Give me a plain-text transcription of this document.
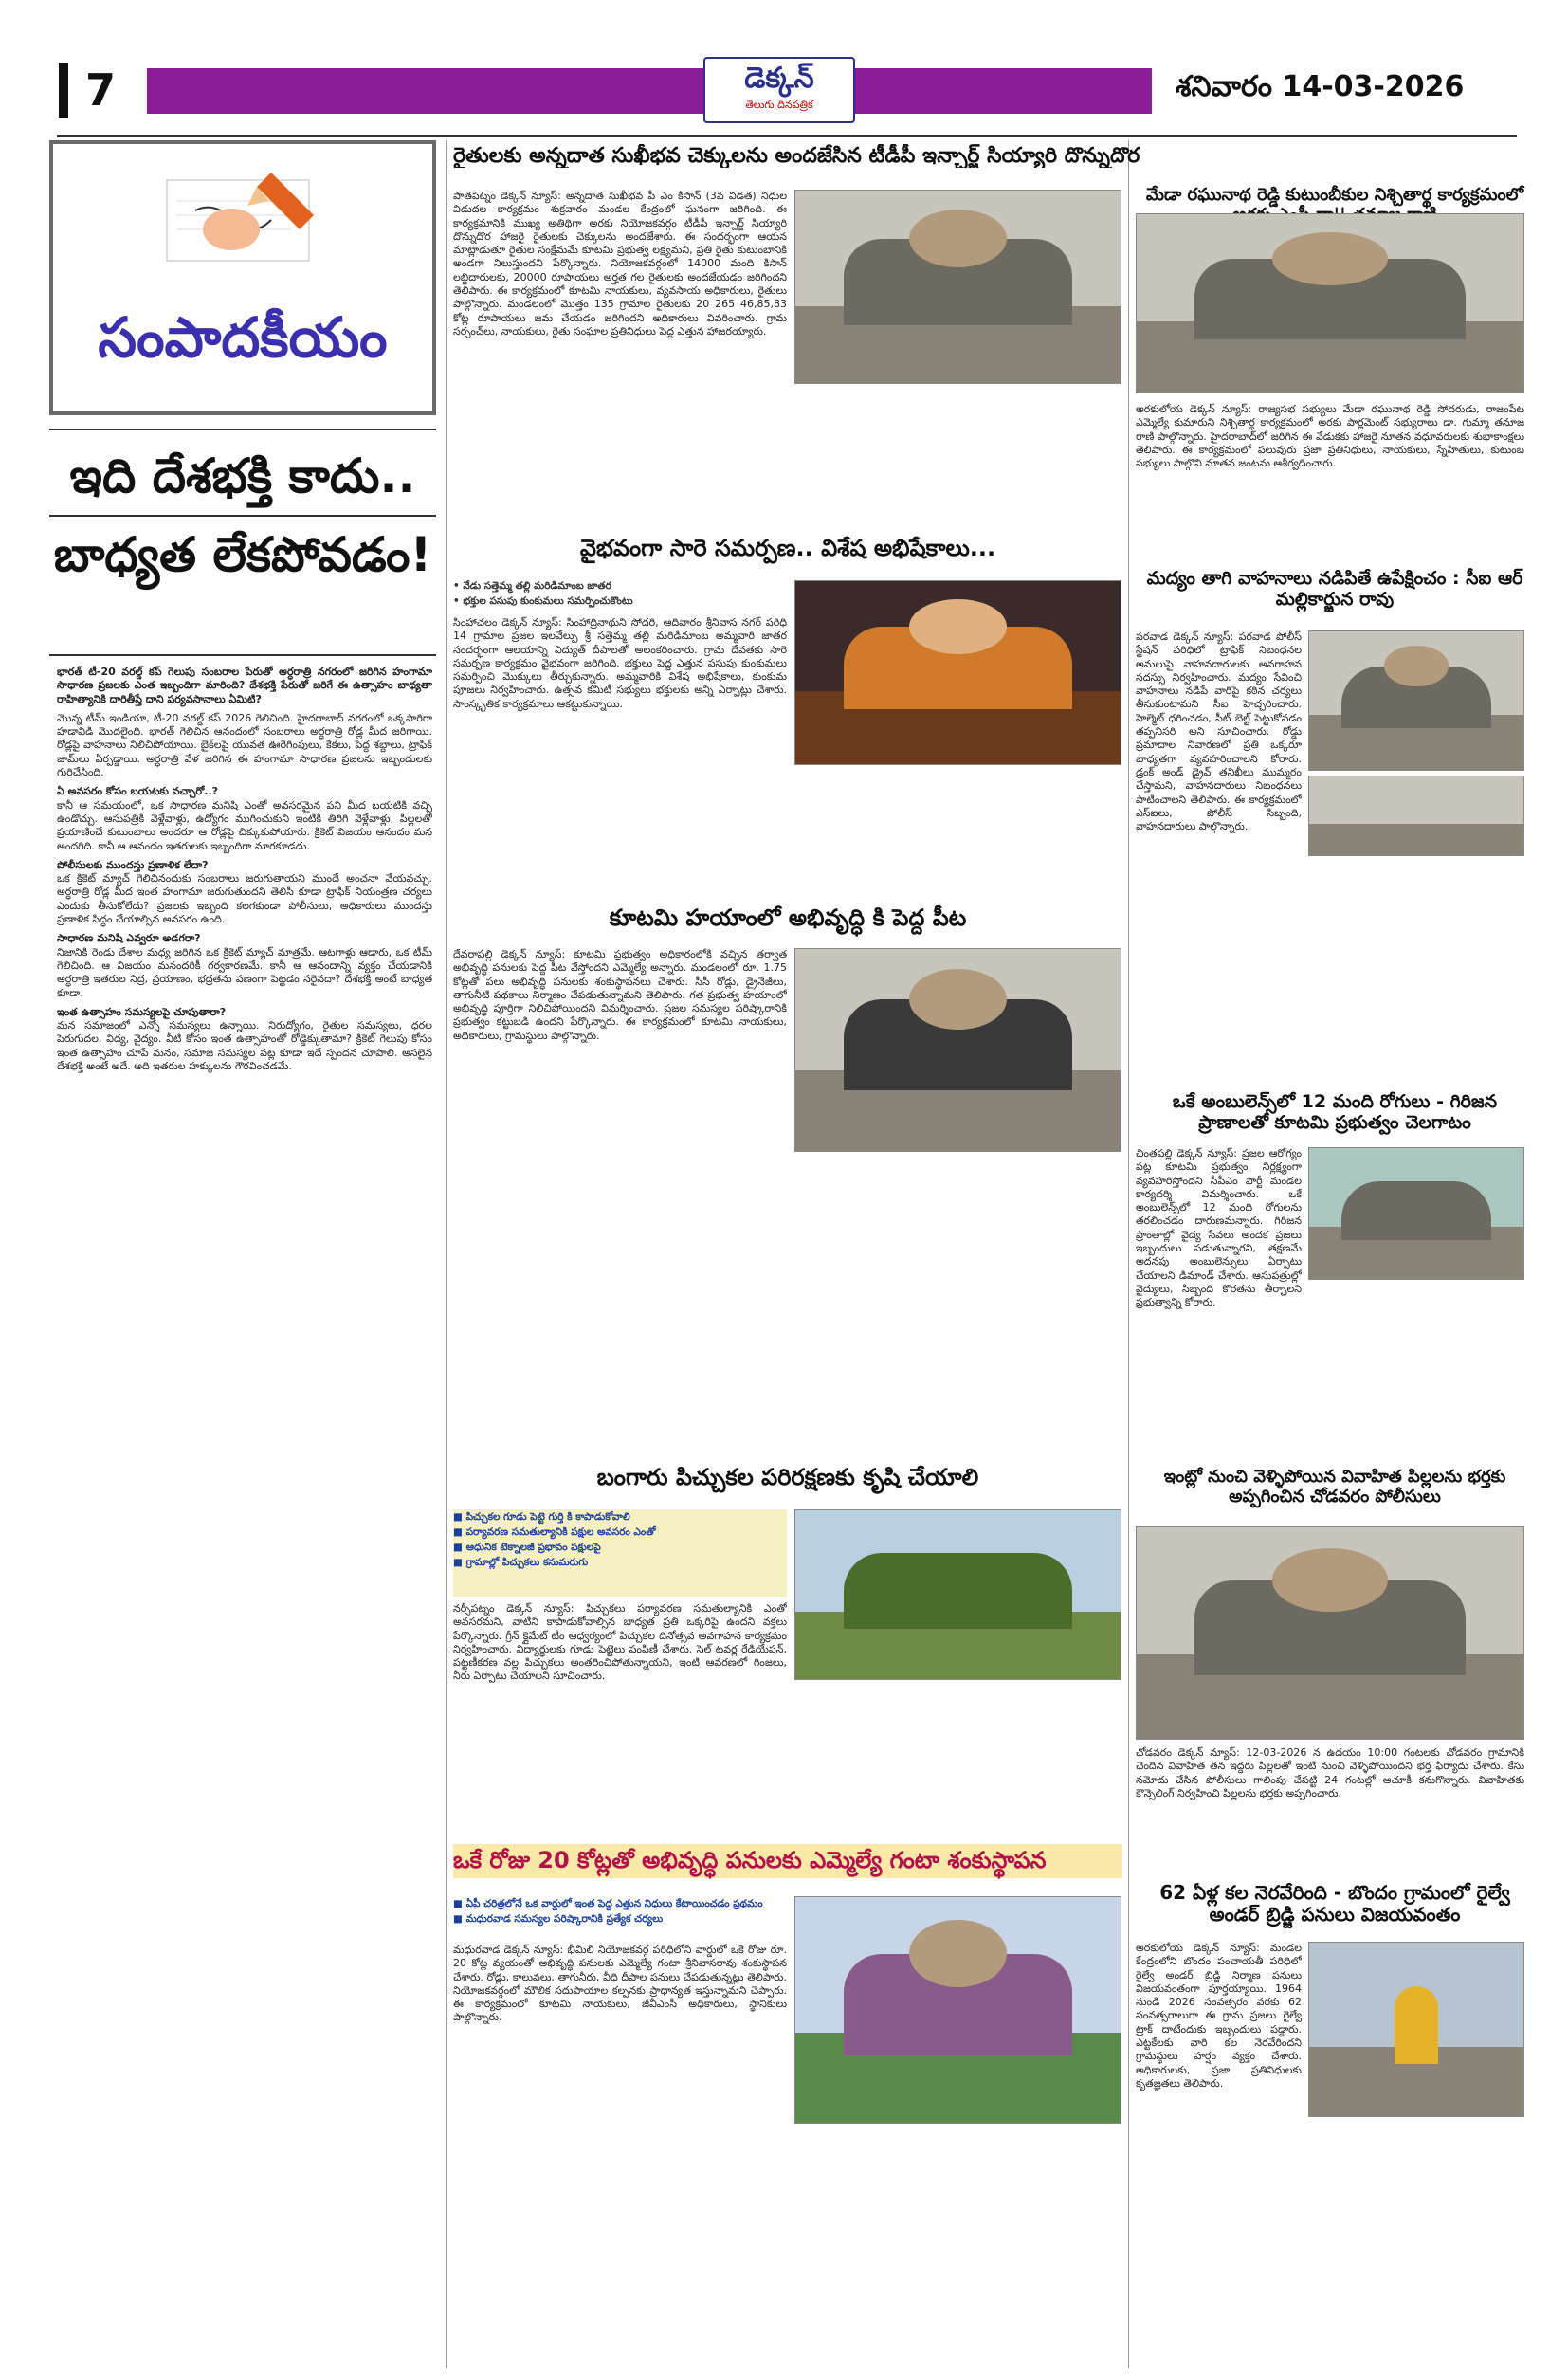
7	డెక్కన్
తెలుగు దినపత్రిక
శనివారం 14-03-2026
సంపాదకీయం
ఇది దేశభక్తి కాదు..
బాధ్యత లేకపోవడం!

భారత్ టీ-20 వరల్డ్ కప్ గెలుపు సంబరాల పేరుతో అర్ధరాత్రి నగరంలో జరిగిన హంగామా సాధారణ ప్రజలకు ఎంత ఇబ్బందిగా మారింది? దేశభక్తి పేరుతో జరిగే ఈ ఉత్సాహం బాధ్యతా రాహిత్యానికి దారితీస్తే దాని పర్యవసానాలు ఏమిటి?

మొన్న టీమ్ ఇండియా, టీ-20 వరల్డ్ కప్ 2026 గెలిచింది. హైదరాబాద్ నగరంలో ఒక్కసారిగా హడావిడి మొదలైంది. భారత్ గెలిచిన ఆనందంలో సంబరాలు అర్ధరాత్రి రోడ్ల మీద జరిగాయి. రోడ్లపై వాహనాలు నిలిచిపోయాయి. బైక్‌లపై యువత ఊరేగింపులు, కేకలు, పెద్ద శబ్దాలు, ట్రాఫిక్ జామ్‌లు ఏర్పడ్డాయి. అర్ధరాత్రి వేళ జరిగిన ఈ హంగామా సాధారణ ప్రజలను ఇబ్బందులకు గురిచేసింది.

ఏ అవసరం కోసం బయటకు వచ్చారో..?

కానీ ఆ సమయంలో, ఒక సాధారణ మనిషి ఎంతో అవసరమైన పని మీద బయటికి వచ్చి ఉండొచ్చు. ఆసుపత్రికి వెళ్లేవాళ్లు, ఉద్యోగం ముగించుకుని ఇంటికి తిరిగి వెళ్లేవాళ్లు, పిల్లలతో ప్రయాణించే కుటుంబాలు అందరూ ఆ రోడ్లపై చిక్కుకుపోయారు. క్రికెట్ విజయం ఆనందం మన అందరిది. కానీ ఆ ఆనందం ఇతరులకు ఇబ్బందిగా మారకూడదు.

పోలీసులకు ముందస్తు ప్రణాళిక లేదా?

ఒక క్రికెట్ మ్యాచ్ గెలిచినందుకు సంబరాలు జరుగుతాయని ముందే అంచనా వేయవచ్చు. అర్ధరాత్రి రోడ్ల మీద ఇంత హంగామా జరుగుతుందని తెలిసి కూడా ట్రాఫిక్ నియంత్రణ చర్యలు ఎందుకు తీసుకోలేదు? ప్రజలకు ఇబ్బంది కలగకుండా పోలీసులు, అధికారులు ముందస్తు ప్రణాళిక సిద్ధం చేయాల్సిన అవసరం ఉంది.

సాధారణ మనిషి ఎవ్వరూ అడగరా?

నిజానికి రెండు దేశాల మధ్య జరిగిన ఒక క్రికెట్ మ్యాచ్ మాత్రమే. ఆటగాళ్లు ఆడారు, ఒక టీమ్ గెలిచింది. ఆ విజయం మనందరికీ గర్వకారణమే. కానీ ఆ ఆనందాన్ని వ్యక్తం చేయడానికి అర్ధరాత్రి ఇతరుల నిద్ర, ప్రయాణం, భద్రతను పణంగా పెట్టడం సరైనదా? దేశభక్తి అంటే బాధ్యత కూడా.

ఇంత ఉత్సాహం సమస్యలపై చూపుతారా?

మన సమాజంలో ఎన్నో సమస్యలు ఉన్నాయి. నిరుద్యోగం, రైతుల సమస్యలు, ధరల పెరుగుదల, విద్య, వైద్యం. వీటి కోసం ఇంత ఉత్సాహంతో రోడ్డెక్కుతామా? క్రికెట్ గెలుపు కోసం ఇంత ఉత్సాహం చూపే మనం, సమాజ సమస్యల పట్ల కూడా ఇదే స్పందన చూపాలి. అసలైన దేశభక్తి అంటే అదే. అది ఇతరుల హక్కులను గౌరవించడమే.

రైతులకు అన్నదాత సుఖీభవ చెక్కులను అందజేసిన టీడీపీ ఇన్చార్జ్ సియ్యారి దొన్నుదొర
పాతపట్నం డెక్కన్ న్యూస్: అన్నదాత సుఖీభవ పీ ఎం కిసాన్ (3వ విడత) నిధుల విడుదల కార్యక్రమం శుక్రవారం మండల కేంద్రంలో ఘనంగా జరిగింది. ఈ కార్యక్రమానికి ముఖ్య అతిథిగా అరకు నియోజకవర్గం టీడీపీ ఇన్చార్జ్ సియ్యారి దొన్నుదొర హాజరై రైతులకు చెక్కులను అందజేశారు. ఈ సందర్భంగా ఆయన మాట్లాడుతూ రైతుల సంక్షేమమే కూటమి ప్రభుత్వ లక్ష్యమని, ప్రతి రైతు కుటుంబానికి అండగా నిలుస్తుందని పేర్కొన్నారు. నియోజకవర్గంలో 14000 మంది కిసాన్ లబ్ధిదారులకు, 20000 రూపాయలు అర్హత గల రైతులకు అందజేయడం జరిగిందని తెలిపారు. ఈ కార్యక్రమంలో కూటమి నాయకులు, వ్యవసాయ అధికారులు, రైతులు పాల్గొన్నారు. మండలంలో మొత్తం 135 గ్రామాల రైతులకు 20 265 46,85,83 కోట్ల రూపాయలు జమ చేయడం జరిగిందని అధికారులు వివరించారు. గ్రామ సర్పంచ్‌లు, నాయకులు, రైతు సంఘాల ప్రతినిధులు పెద్ద ఎత్తున హాజరయ్యారు.
మేడా రఘునాథ రెడ్డి కుటుంబీకుల నిశ్చితార్థ కార్యక్రమంలో
అరకులోయ డెక్కన్ న్యూస్: రాజ్యసభ సభ్యులు మేడా రఘునాథ రెడ్డి సోదరుడు, రాజంపేట ఎమ్మెల్యే కుమారుని నిశ్చితార్థ కార్యక్రమంలో అరకు పార్లమెంట్ సభ్యురాలు డా. గుమ్మా తనూజ రాణి పాల్గొన్నారు. హైదరాబాద్‌లో జరిగిన ఈ వేడుకకు హాజరై నూతన వధూవరులకు శుభాకాంక్షలు తెలిపారు. ఈ కార్యక్రమంలో పలువురు ప్రజా ప్రతినిధులు, నాయకులు, స్నేహితులు, కుటుంబ సభ్యులు పాల్గొని నూతన జంటను ఆశీర్వదించారు.
వైభవంగా సారె సమర్పణ.. విశేష అభిషేకాలు...
• నేడు సత్తెమ్మ తల్లి మరిడిమాంబ జాతర
• భక్తుల పసుపు కుంకుమలు సమర్పించుకొంటు
సింహాచలం డెక్కన్ న్యూస్: సింహాద్రినాథుని సోదరి, ఆదివారం శ్రీనివాస నగర్ పరిధి 14 గ్రామాల ప్రజల ఇలవేల్పు శ్రీ సత్తెమ్మ తల్లి మరిడిమాంబ అమ్మవారి జాతర సందర్భంగా ఆలయాన్ని విద్యుత్ దీపాలతో అలంకరించారు. గ్రామ దేవతకు సారె సమర్పణ కార్యక్రమం వైభవంగా జరిగింది. భక్తులు పెద్ద ఎత్తున పసుపు కుంకుమలు సమర్పించి మొక్కులు తీర్చుకున్నారు. అమ్మవారికి విశేష అభిషేకాలు, కుంకుమ పూజలు నిర్వహించారు. ఉత్సవ కమిటీ సభ్యులు భక్తులకు అన్ని ఏర్పాట్లు చేశారు. సాంస్కృతిక కార్యక్రమాలు ఆకట్టుకున్నాయి.
మద్యం తాగి వాహనాలు నడిపితే ఉపేక్షించం : సీఐ ఆర్ మల్లికార్జున రావు
పరవాడ డెక్కన్ న్యూస్: పరవాడ పోలీస్ స్టేషన్ పరిధిలో ట్రాఫిక్ నిబంధనల అమలుపై వాహనదారులకు అవగాహన సదస్సు నిర్వహించారు. మద్యం సేవించి వాహనాలు నడిపే వారిపై కఠిన చర్యలు తీసుకుంటామని సీఐ హెచ్చరించారు. హెల్మెట్ ధరించడం, సీట్ బెల్ట్ పెట్టుకోవడం తప్పనిసరి అని సూచించారు. రోడ్డు ప్రమాదాల నివారణలో ప్రతి ఒక్కరూ బాధ్యతగా వ్యవహరించాలని కోరారు. డ్రంక్ అండ్ డ్రైవ్ తనిఖీలు ముమ్మరం చేస్తామని, వాహనదారులు నిబంధనలు పాటించాలని తెలిపారు. ఈ కార్యక్రమంలో ఎస్ఐలు, పోలీస్ సిబ్బంది, వాహనదారులు పాల్గొన్నారు.
ఒకే అంబులెన్స్‌లో 12 మంది రోగులు - గిరిజన ప్రాణాలతో కూటమి ప్రభుత్వం చెలగాటం
చింతపల్లి డెక్కన్ న్యూస్: ప్రజల ఆరోగ్యం పట్ల కూటమి ప్రభుత్వం నిర్లక్ష్యంగా వ్యవహరిస్తోందని సీపీఎం పార్టీ మండల కార్యదర్శి విమర్శించారు. ఒకే అంబులెన్స్‌లో 12 మంది రోగులను తరలించడం దారుణమన్నారు. గిరిజన ప్రాంతాల్లో వైద్య సేవలు అందక ప్రజలు ఇబ్బందులు పడుతున్నారని, తక్షణమే అదనపు అంబులెన్సులు ఏర్పాటు చేయాలని డిమాండ్ చేశారు. ఆసుపత్రుల్లో వైద్యులు, సిబ్బంది కొరతను తీర్చాలని ప్రభుత్వాన్ని కోరారు.
కూటమి హయాంలో అభివృద్ధి కి పెద్ద పీట
దేవరాపల్లి డెక్కన్ న్యూస్: కూటమి ప్రభుత్వం అధికారంలోకి వచ్చిన తర్వాత అభివృద్ధి పనులకు పెద్ద పీట వేస్తోందని ఎమ్మెల్యే అన్నారు. మండలంలో రూ. 1.75 కోట్లతో పలు అభివృద్ధి పనులకు శంకుస్థాపనలు చేశారు. సీసీ రోడ్లు, డ్రైనేజీలు, తాగునీటి పథకాలు నిర్మాణం చేపడుతున్నామని తెలిపారు. గత ప్రభుత్వ హయాంలో అభివృద్ధి పూర్తిగా నిలిచిపోయిందని విమర్శించారు. ప్రజల సమస్యల పరిష్కారానికి ప్రభుత్వం కట్టుబడి ఉందని పేర్కొన్నారు. ఈ కార్యక్రమంలో కూటమి నాయకులు, అధికారులు, గ్రామస్థులు పాల్గొన్నారు.
ఇంట్లో నుంచి వెళ్ళిపోయిన వివాహిత పిల్లలను భర్తకు అప్పగించిన చోడవరం పోలీసులు
చోడవరం డెక్కన్ న్యూస్: 12-03-2026 న ఉదయం 10:00 గంటలకు చోడవరం గ్రామానికి చెందిన వివాహిత తన ఇద్దరు పిల్లలతో ఇంటి నుంచి వెళ్ళిపోయిందని భర్త ఫిర్యాదు చేశారు. కేసు నమోదు చేసిన పోలీసులు గాలింపు చేపట్టి 24 గంటల్లో ఆచూకీ కనుగొన్నారు. వివాహితకు కౌన్సెలింగ్ నిర్వహించి పిల్లలను భర్తకు అప్పగించారు.
బంగారు పిచ్చుకల పరిరక్షణకు కృషి చేయాలి
■ పిచ్చుకల గూడు పెట్టె గుర్తి కి కాపాడుకోవాలి
■ పర్యావరణ సమతుల్యానికి పక్షుల అవసరం ఎంతో
■ ఆధునిక టెక్నాలజీ ప్రభావం పక్షులపై
■ గ్రామాల్లో పిచ్చుకలు కనుమరుగు
నర్సీపట్నం డెక్కన్ న్యూస్: పిచ్చుకలు పర్యావరణ సమతుల్యానికి ఎంతో అవసరమని, వాటిని కాపాడుకోవాల్సిన బాధ్యత ప్రతి ఒక్కరిపై ఉందని వక్తలు పేర్కొన్నారు. గ్రీన్ క్లైమేట్ టీం ఆధ్వర్యంలో పిచ్చుకల దినోత్సవ అవగాహన కార్యక్రమం నిర్వహించారు. విద్యార్థులకు గూడు పెట్టెలు పంపిణీ చేశారు. సెల్ టవర్ల రేడియేషన్, పట్టణీకరణ వల్ల పిచ్చుకలు అంతరించిపోతున్నాయని, ఇంటి ఆవరణలో గింజలు, నీరు ఏర్పాటు చేయాలని సూచించారు.
ఒకే రోజు 20 కోట్లతో అభివృద్ధి పనులకు ఎమ్మెల్యే గంటా శంకుస్థాపన
■ ఏపీ చరిత్రలోనే ఒక వార్డులో ఇంత పెద్ద ఎత్తున నిధులు కేటాయించడం ప్రథమం
■ మధురవాడ సమస్యల పరిష్కారానికి ప్రత్యేక చర్యలు
మధురవాడ డెక్కన్ న్యూస్: భీమిలి నియోజకవర్గ పరిధిలోని వార్డులో ఒకే రోజు రూ. 20 కోట్ల వ్యయంతో అభివృద్ధి పనులకు ఎమ్మెల్యే గంటా శ్రీనివాసరావు శంకుస్థాపన చేశారు. రోడ్లు, కాలువలు, తాగునీరు, వీధి దీపాల పనులు చేపడుతున్నట్లు తెలిపారు. నియోజకవర్గంలో మౌలిక సదుపాయాల కల్పనకు ప్రాధాన్యత ఇస్తున్నామని చెప్పారు. ఈ కార్యక్రమంలో కూటమి నాయకులు, జీవీఎంసీ అధికారులు, స్థానికులు పాల్గొన్నారు.
62 ఏళ్ల కల నెరవేరింది - బొందం గ్రామంలో రైల్వే అండర్ బ్రిడ్జి పనులు విజయవంతం
అరకులోయ డెక్కన్ న్యూస్: మండల కేంద్రంలోని బొందం పంచాయతీ పరిధిలో రైల్వే అండర్ బ్రిడ్జి నిర్మాణ పనులు విజయవంతంగా పూర్తయ్యాయి. 1964 నుండి 2026 సంవత్సరం వరకు 62 సంవత్సరాలుగా ఈ గ్రామ ప్రజలు రైల్వే ట్రాక్ దాటేందుకు ఇబ్బందులు పడ్డారు. ఎట్టకేలకు వారి కల నెరవేరిందని గ్రామస్థులు హర్షం వ్యక్తం చేశారు. అధికారులకు, ప్రజా ప్రతినిధులకు కృతజ్ఞతలు తెలిపారు.
